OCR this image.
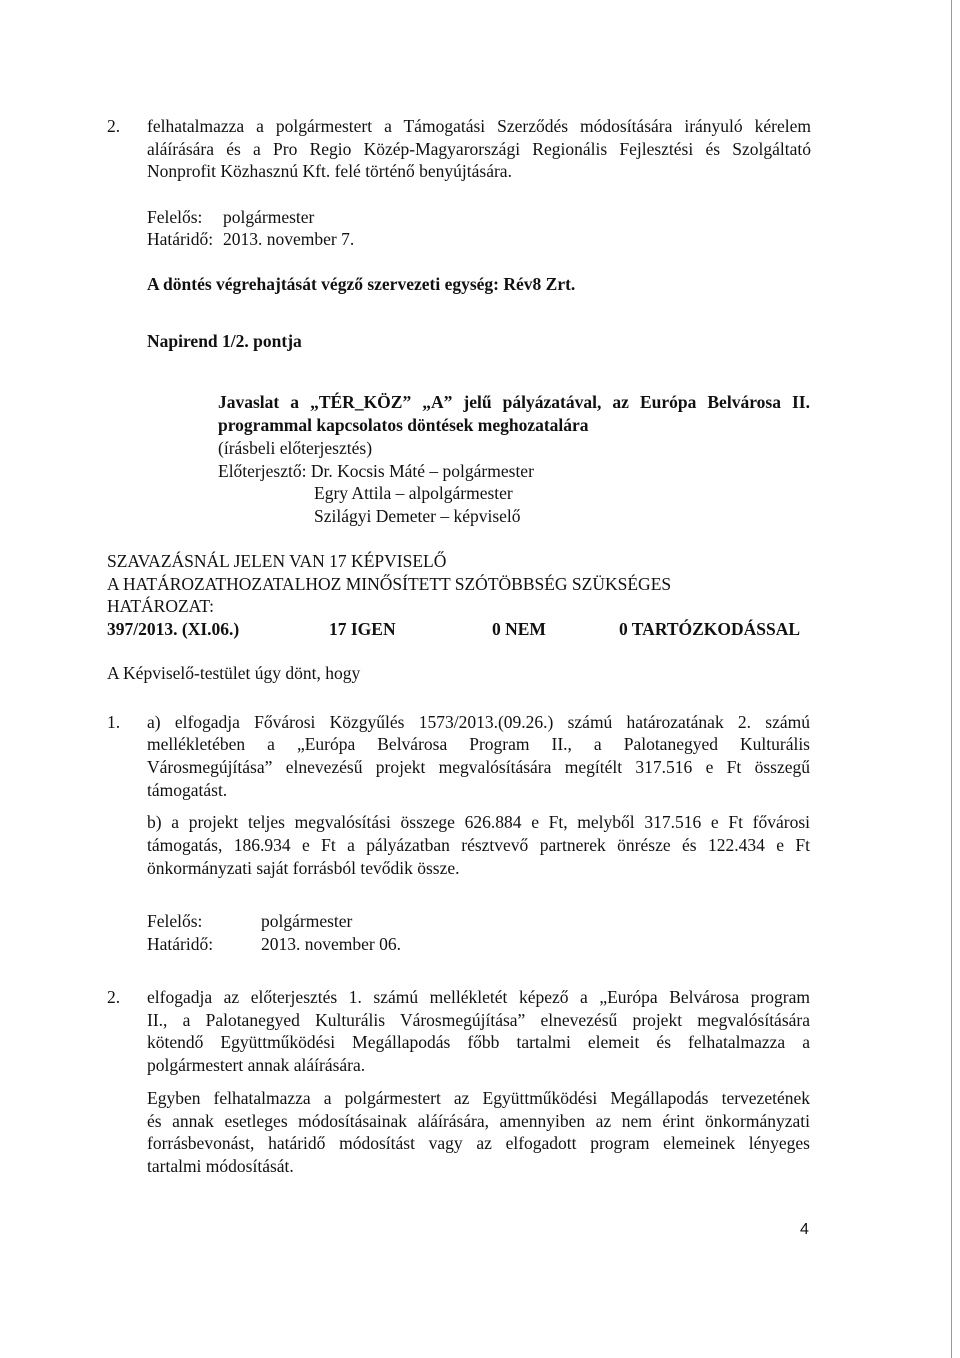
2. felhatalmazza a polgármestert a Támogatási Szerződés módosítására irányuló kérelem
aláírására és a Pro Regio Közép-Magyarországi Regionális Fejlesztési és Szolgáltató
Nonprofit Közhasznú Kft. felé történő benyújtására.
Felelős: polgármester
Határidő: 2013. november 7.
A döntés végrehajtását végző szervezeti egység: Rév8 Zrt.
Napirend 1/2. pontja
Javaslat a „TÉR_KÖZ” „A” jelű pályázatával, az Európa Belvárosa II.
programmal kapcsolatos döntések meghozatalára
(írásbeli előterjesztés)
Előterjesztő: Dr. Kocsis Máté – polgármester
Egry Attila – alpolgármester
Szilágyi Demeter – képviselő
SZAVAZÁSNÁL JELEN VAN 17 KÉPVISELŐ
A HATÁROZATHOZATALHOZ MINŐSÍTETT SZÓTÖBBSÉG SZÜKSÉGES
HATÁROZAT:
397/2013. (XI.06.)	17 IGEN	0 NEM	0 TARTÓZKODÁSSAL
A Képviselő-testület úgy dönt, hogy
1. a) elfogadja Fővárosi Közgyűlés 1573/2013.(09.26.) számú határozatának 2. számú
mellékletében a „Európa Belvárosa Program II., a Palotanegyed Kulturális
Városmegújítása” elnevezésű projekt megvalósítására megítélt 317.516 e Ft összegű
támogatást.
b) a projekt teljes megvalósítási összege 626.884 e Ft, melyből 317.516 e Ft fővárosi
támogatás, 186.934 e Ft a pályázatban résztvevő partnerek önrésze és 122.434 e Ft
önkormányzati saját forrásból tevődik össze.
Felelős:	polgármester
Határidő:	2013. november 06.
2. elfogadja az előterjesztés 1. számú mellékletét képező a „Európa Belvárosa program
II., a Palotanegyed Kulturális Városmegújítása” elnevezésű projekt megvalósítására
kötendő Együttműködési Megállapodás főbb tartalmi elemeit és felhatalmazza a
polgármestert annak aláírására.
Egyben felhatalmazza a polgármestert az Együttműködési Megállapodás tervezetének
és annak esetleges módosításainak aláírására, amennyiben az nem érint önkormányzati
forrásbevonást, határidő módosítást vagy az elfogadott program elemeinek lényeges
tartalmi módosítását.
4
